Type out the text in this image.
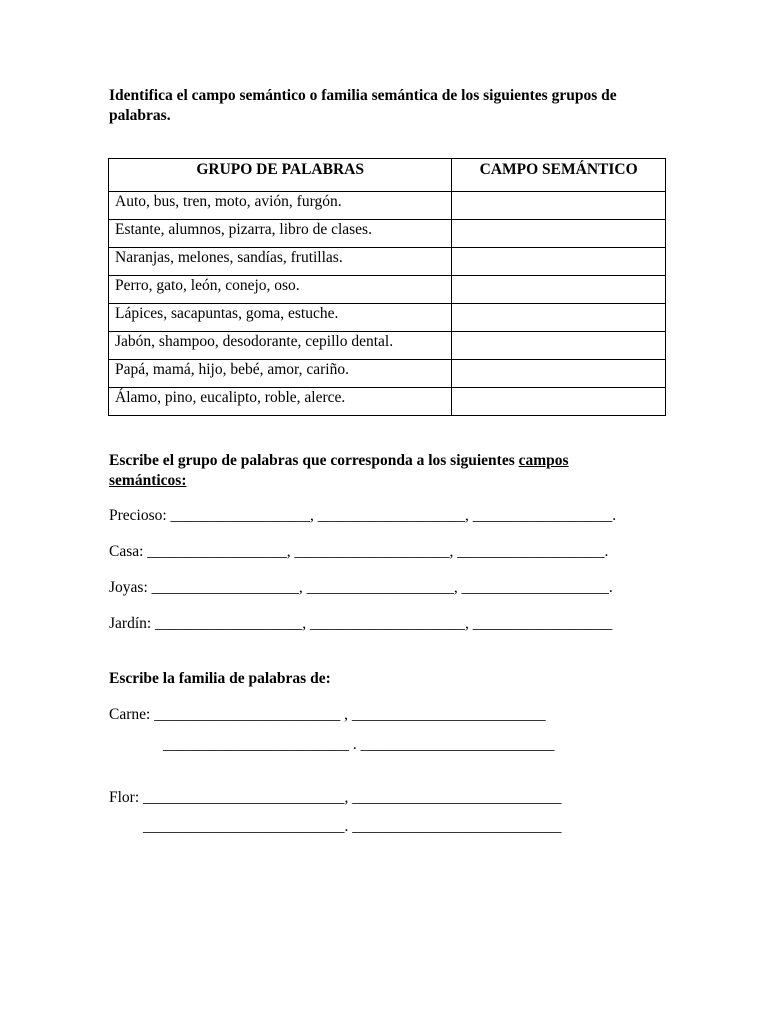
Identifica el campo semántico o familia semántica de los siguientes grupos de palabras.
GRUPO DE PALABRAS	CAMPO SEMÁNTICO
Auto, bus, tren, moto, avión, furgón.	
Estante, alumnos, pizarra, libro de clases.	
Naranjas, melones, sandías, frutillas.	
Perro, gato, león, conejo, oso.	
Lápices, sacapuntas, goma, estuche.	
Jabón, shampoo, desodorante, cepillo dental.	
Papá, mamá, hijo, bebé, amor, cariño.	
Álamo, pino, eucalipto, roble, alerce.	
Escribe el grupo de palabras que corresponda a los siguientes campos semánticos:
Precioso: __________________, ___________________, __________________.
Casa: __________________, ____________________, ___________________.
Joyas: ___________________, ___________________, ___________________.
Jardín: ___________________, ____________________, __________________
Escribe la familia de palabras de:
Carne: ________________________ , _________________________
________________________ . _________________________
Flor: __________________________, ___________________________
__________________________. ___________________________
